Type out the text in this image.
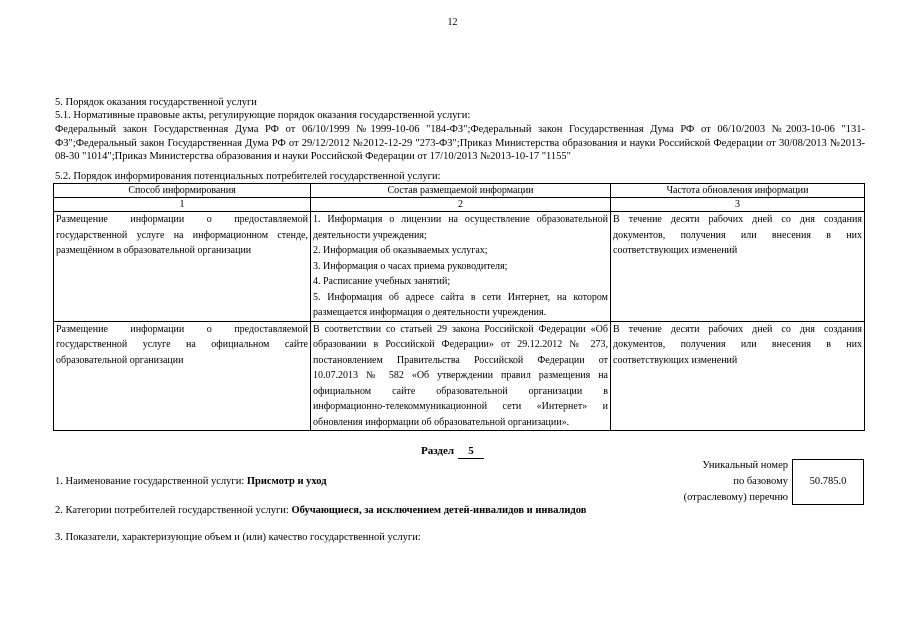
12
5. Порядок оказания государственной услуги
5.1. Нормативные правовые акты, регулирующие порядок оказания государственной услуги:
Федеральный закон Государственная Дума РФ от 06/10/1999 №1999-10-06 "184-ФЗ";Федеральный закон Государственная Дума РФ от 06/10/2003 №2003-10-06 "131-ФЗ";Федеральный закон Государственная Дума РФ от 29/12/2012 №2012-12-29 "273-ФЗ";Приказ Министерства образования и науки Российской Федерации от 30/08/2013 №2013-08-30 "1014";Приказ Министерства образования и науки Российской Федерации от 17/10/2013 №2013-10-17 "1155"
5.2. Порядок информирования потенциальных потребителей государственной услуги:
Способ информирования	Состав размещаемой информации	Частота обновления информации
1	2	3
Размещение информации о предоставляемой государственной услуге на информационном стенде, размещённом в образовательной организации	1. Информация о лицензии на осуществление образовательной деятельности учреждения;
2. Информация об оказываемых услугах;
3. Информация о часах приема руководителя;
4. Расписание учебных занятий;
5. Информация об адресе сайта в сети Интернет, на котором размещается информация о деятельности учреждения.	В течение десяти рабочих дней со дня создания документов, получения или внесения в них соответствующих изменений
Размещение информации о предоставляемой государственной услуге на официальном сайте образовательной организации	В соответствии со статьей 29 закона Российской Федерации «Об образовании в Российской Федерации» от 29.12.2012 № 273, постановлением Правительства Российской Федерации от 10.07.2013 № 582 «Об утверждении правил размещения на официальном сайте образовательной организации в информационно-телекоммуникационной сети «Интернет» и обновления информации об образовательной организации».	В течение десяти рабочих дней со дня создания документов, получения или внесения в них соответствующих изменений
Раздел 5
Уникальный номер
по базовому
(отраслевому) перечню
50.785.0
1. Наименование государственной услуги: Присмотр и уход
2. Категории потребителей государственной услуги: Обучающиеся, за исключением детей-инвалидов и инвалидов
3. Показатели, характеризующие объем и (или) качество государственной услуги:
